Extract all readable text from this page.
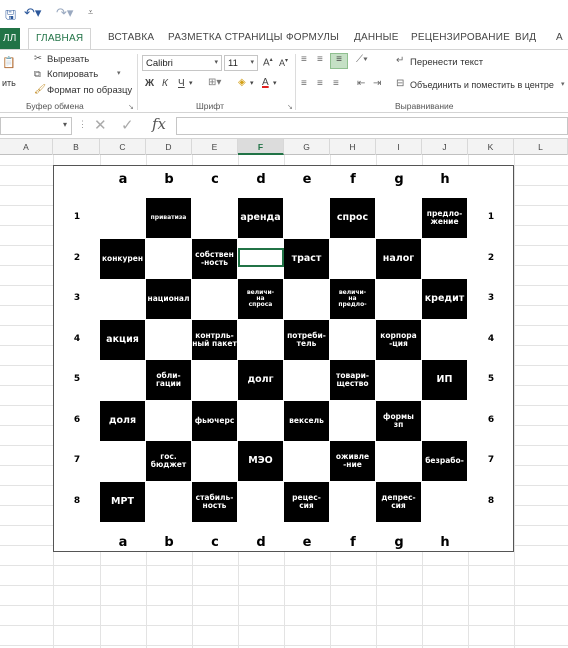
🖫 ↶▾ ↷▾ ⩡
ЛЛ	ГЛАВНАЯ	ВСТАВКА РАЗМЕТКА СТРАНИЦЫ ФОРМУЛЫ ДАННЫЕ РЕЦЕНЗИРОВАНИЕ ВИД А
📋
ить
✂ Вырезать
⧉ Копировать	▾
🖌 Формат по образцу
Буфер обмена	↘
Calibri	▾	11 ▾ A▴ A▾
Ж К Ч ▾ ⊞▾ ◈ ▾ A ▾
Шрифт	↘
≡ ≡	≡	⟋▾
≡ ≡ ≡ ⇤ ⇥
↵ Перенести текст
⊟ Объединить и поместить в центре ▾
Выравнивание
▾ ⋮ ✕ ✓ fx
A	B	C	D	E	F	G	H	I	J	K	L
приватиза	аренда	спрос	предло-
жение
конкурен	собствен
-ность	траст	налог
национал
величи-
на
спроса
величи-
на
предло-
кредит
акция	контрль-
ный пакет
потреби-
тель
корпора
-ция
обли-
гации	долг	товари-
щество	ИП
доля	фьючерс	вексель	формы
зп
гос.
бюджет	МЭО	оживле
-ние	безрабо-
МРТ	стабиль-
ность
рецес-
сия
депрес-
сия
a	b	c	d	e	f	g	h
a	b	c	d	e	f	g	h
1
2
3
4
5
6
7
8
1
2
3
4
5
6
7
8
